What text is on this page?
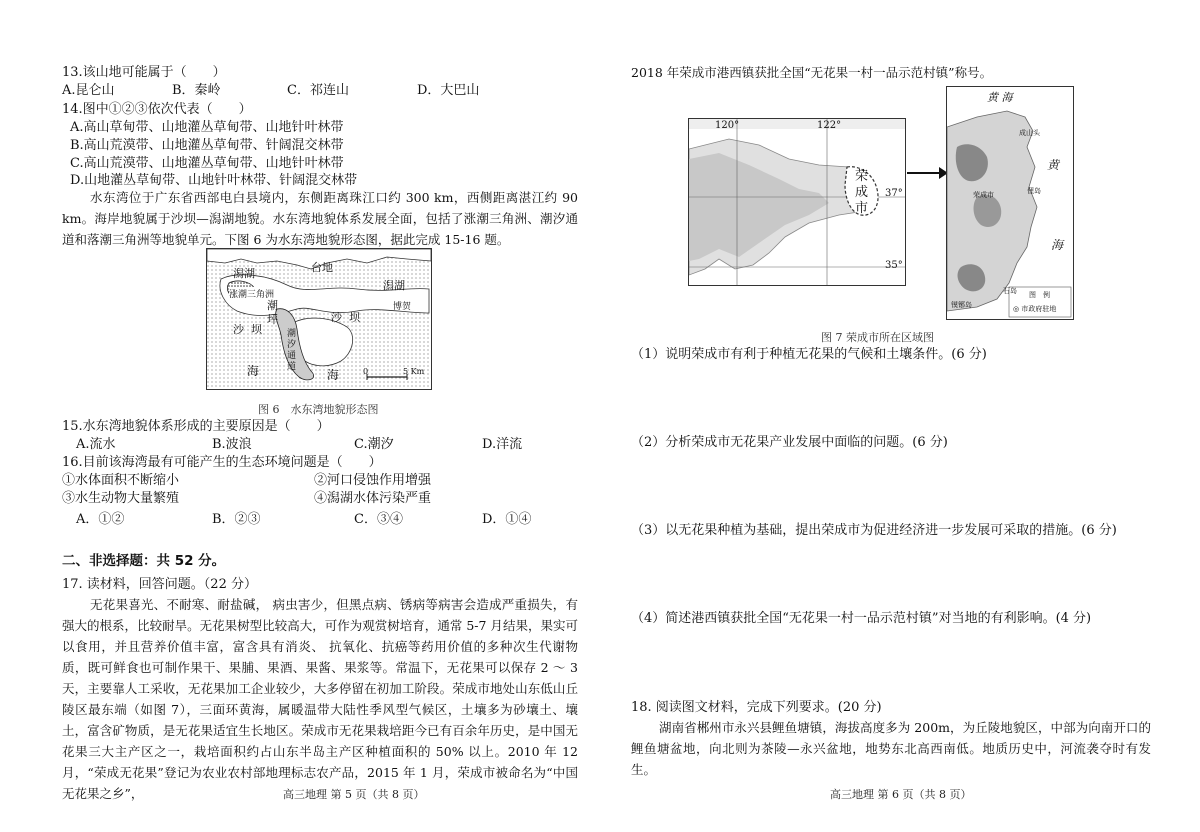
13.该山地可能属于（　　）
A.昆仑山	B．秦岭	C．祁连山	D．大巴山
14.图中①②③依次代表（　　）
A.高山草甸带、山地灌丛草甸带、山地针叶林带
B.高山荒漠带、山地灌丛草甸带、针阔混交林带
C.高山荒漠带、山地灌丛草甸带、山地针叶林带
D.山地灌丛草甸带、山地针叶林带、针阔混交林带
水东湾位于广东省西部电白县境内，东侧距离珠江口约 300 km，西侧距离湛江约 90 km。海岸地貌属于沙坝—潟湖地貌。水东湾地貌体系发展全面，包括了涨潮三角洲、潮汐通道和落潮三角洲等地貌单元。下图 6 为水东湾地貌形态图，据此完成 15-16 题。
潟湖	台地
潟湖
涨潮三角洲
潮坪
博贺
沙 坝
沙 坝
潮汐通道
海	海	0	5 Km
图 6　水东湾地貌形态图
15.水东湾地貌体系形成的主要原因是（　　）
A.流水	B.波浪	C.潮汐	D.洋流
16.目前该海湾最有可能产生的生态环境问题是（　　）
①水体面积不断缩小	②河口侵蚀作用增强
③水生动物大量繁殖	④潟湖水体污染严重
A．①②	B．②③	C．③④	D．①④
二、非选择题：共 52 分。
17. 读材料，回答问题。（22 分）
无花果喜光、不耐寒、耐盐碱， 病虫害少，但黑点病、锈病等病害会造成严重损失，有强大的根系，比较耐旱。无花果树型比较高大，可作为观赏树培育，通常 5-7 月结果，果实可以食用，并且营养价值丰富，富含具有消炎、 抗氧化、抗癌等药用价值的多种次生代谢物质，既可鲜食也可制作果干、果脯、果酒、果酱、果浆等。常温下，无花果可以保存 2 ～ 3 天，主要靠人工采收，无花果加工企业较少，大多停留在初加工阶段。荣成市地处山东低山丘陵区最东端（如图 7），三面环黄海，属暖温带大陆性季风型气候区，土壤多为砂壤土、壤土，富含矿物质，是无花果适宜生长地区。荣成市无花果栽培距今已有百余年历史，是中国无花果三大主产区之一，栽培面积约占山东半岛主产区种植面积的 50% 以上。2010 年 12 月，“荣成无花果”登记为农业农村部地理标志农产品，2015 年 1 月，荣成市被命名为“中国无花果之乡”，	高三地理 第 5 页（共 8 页）
2018 年荣成市港西镇获批全国“无花果一村一品示范村镇”称号。
120°	122°
37°
35°
荣成市
黄 海
黄
海
成山头
荣成市
石岛
俚岛
镆铘岛
图　例
◎ 市政府驻地
图 7 荣成市所在区域图
（1）说明荣成市有利于种植无花果的气候和土壤条件。(6 分)
（2）分析荣成市无花果产业发展中面临的问题。(6 分)
（3）以无花果种植为基础，提出荣成市为促进经济进一步发展可采取的措施。(6 分)
（4）简述港西镇获批全国“无花果一村一品示范村镇”对当地的有利影响。(4 分)
18. 阅读图文材料，完成下列要求。(20 分)
湖南省郴州市永兴县鲤鱼塘镇，海拔高度多为 200m，为丘陵地貌区，中部为向南开口的鲤鱼塘盆地，向北则为茶陵—永兴盆地，地势东北高西南低。地质历史中，河流袭夺时有发生。
高三地理 第 6 页（共 8 页）
